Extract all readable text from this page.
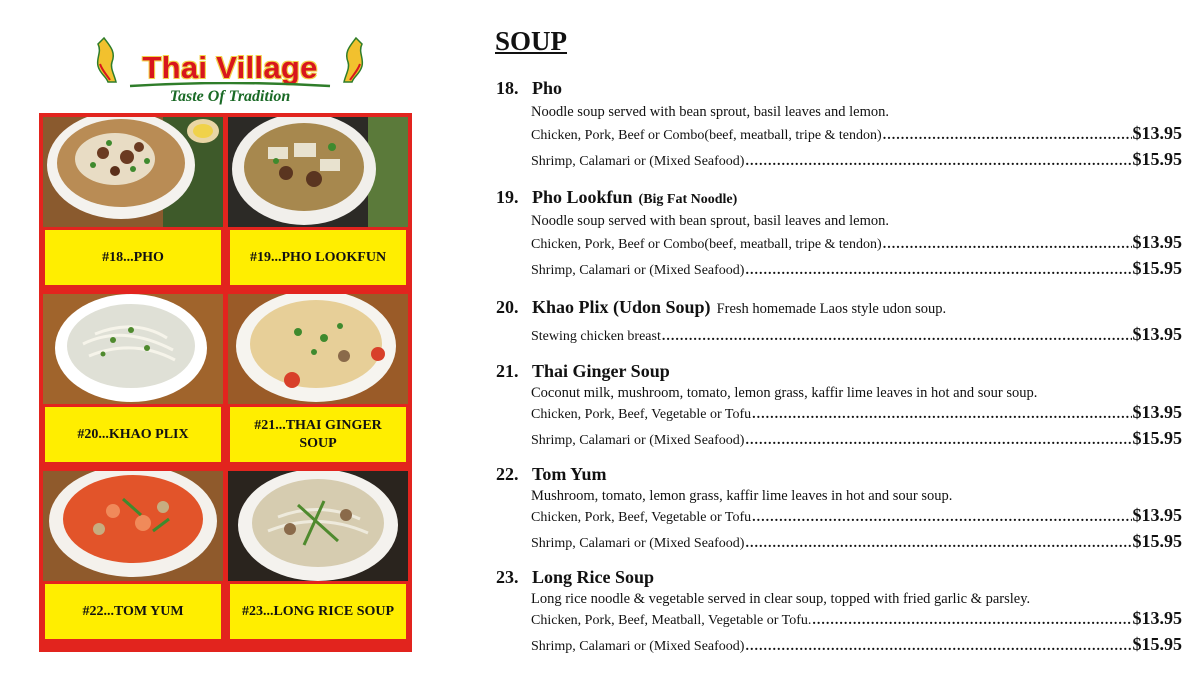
Thai Village
Taste Of Tradition
#18...PHO	#19...PHO LOOKFUN
#20...KHAO PLIX
#21...THAI GINGER SOUP
#22...TOM YUM	#23...LONG RICE SOUP
SOUP
18. Pho
Noodle soup served with bean sprout, basil leaves and lemon.
Chicken, Pork, Beef or Combo(beef, meatball, tripe & tendon) .....	$13.95
Shrimp, Calamari or (Mixed Seafood) .....	$15.95
19. Pho Lookfun (Big Fat Noodle)
Noodle soup served with bean sprout, basil leaves and lemon.
Chicken, Pork, Beef or Combo(beef, meatball, tripe & tendon) .....	$13.95
Shrimp, Calamari or (Mixed Seafood) .....	$15.95
20. Khao Plix (Udon Soup) Fresh homemade Laos style udon soup.
Stewing chicken breast .....	$13.95
21. Thai Ginger Soup
Coconut milk, mushroom, tomato, lemon grass, kaffir lime leaves in hot and sour soup.
Chicken, Pork, Beef, Vegetable or Tofu .....	$13.95
Shrimp, Calamari or (Mixed Seafood) .....	$15.95
22. Tom Yum
Mushroom, tomato, lemon grass, kaffir lime leaves in hot and sour soup.
Chicken, Pork, Beef, Vegetable or Tofu .....	$13.95
Shrimp, Calamari or (Mixed Seafood) .....	$15.95
23. Long Rice Soup
Long rice noodle & vegetable served in clear soup, topped with fried garlic & parsley.
Chicken, Pork, Beef, Meatball, Vegetable or Tofu. .....	$13.95
Shrimp, Calamari or (Mixed Seafood) .....	$15.95
